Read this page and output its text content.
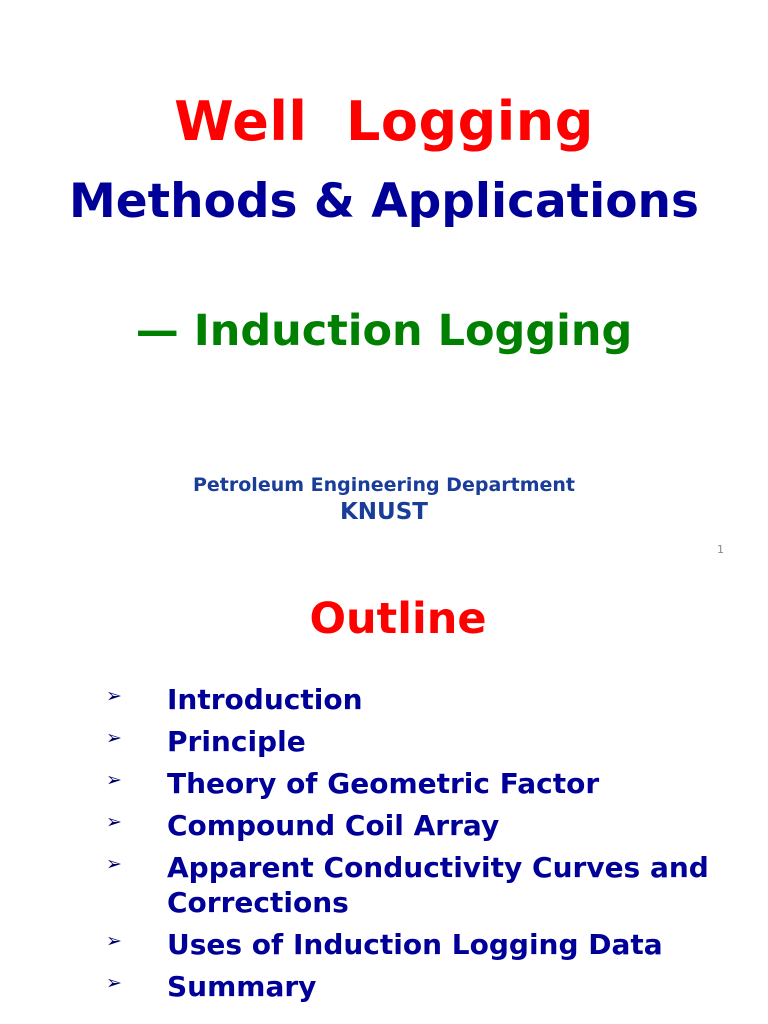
Well  Logging
Methods & Applications
— Induction Logging
Petroleum Engineering Department
KNUST
1
Outline
➢ Introduction
➢ Principle
➢ Theory of Geometric Factor
➢ Compound Coil Array
➢ Apparent Conductivity Curves and Corrections
➢ Uses of Induction Logging Data
➢ Summary
